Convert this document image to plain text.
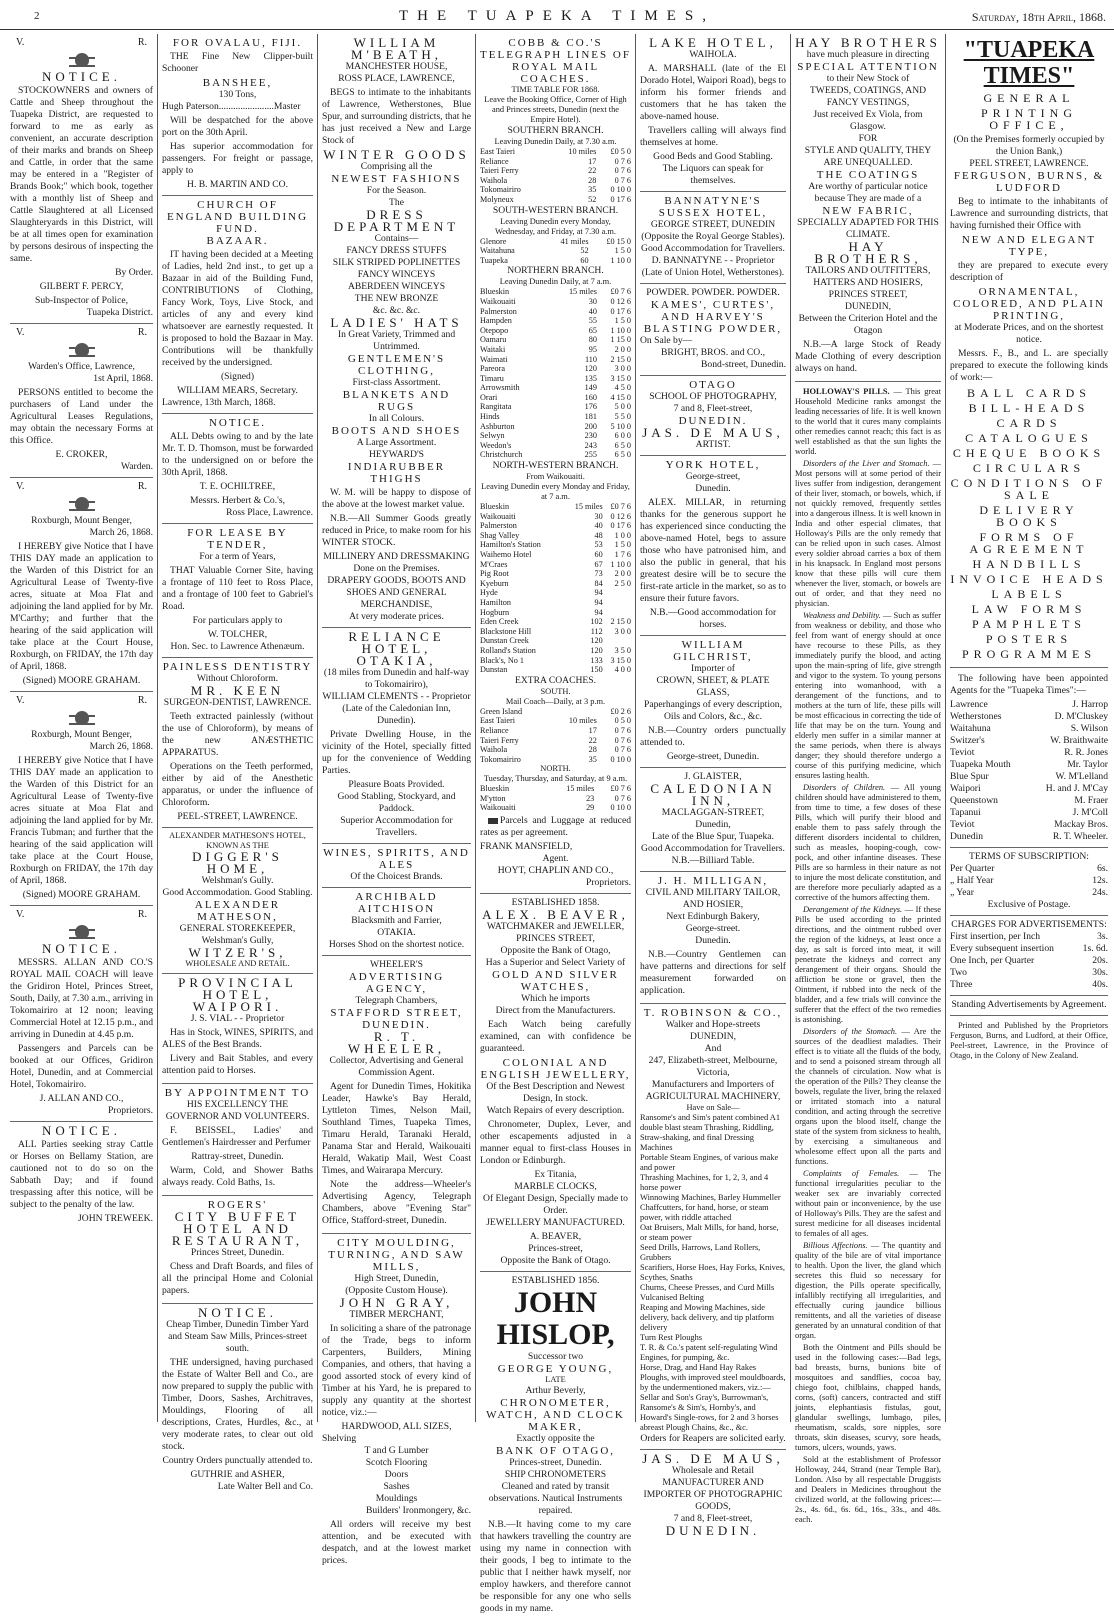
2	THE TUAPEKA TIMES,	Saturday, 18th April, 1868.
V.	R.
NOTICE.
STOCKOWNERS and owners of Cattle and Sheep throughout the Tuapeka District, are requested to forward to me as early as convenient, an accurate description of their marks and brands on Sheep and Cattle, in order that the same may be entered in a "Register of Brands Book;" which book, together with a monthly list of Sheep and Cattle Slaughtered at all Licensed Slaughteryards in this District, will be at all times open for examination by persons desirous of inspecting the same.
By Order.
GILBERT F. PERCY,
Sub-Inspector of Police,
Tuapeka District.
V.	R.
Warden's Office, Lawrence,
1st April, 1868.
PERSONS entitled to become the purchasers of Land under the Agricultural Leases Regulations, may obtain the necessary Forms at this Office.
E. CROKER,
Warden.
V.	R.
Roxburgh, Mount Benger,
March 26, 1868.
I HEREBY give Notice that I have THIS DAY made an application to the Warden of this District for an Agricultural Lease of Twenty-five acres, situate at Moa Flat and adjoining the land applied for by Mr. M'Carthy; and further that the hearing of the said application will take place at the Court House, Roxburgh, on FRIDAY, the 17th day of April, 1868.
(Signed) MOORE GRAHAM.
V.	R.
Roxburgh, Mount Benger,
March 26, 1868.
I HEREBY give Notice that I have THIS DAY made an application to the Warden of this District for an Agricultural Lease of Twenty-five acres situate at Moa Flat and adjoining the land applied for by Mr. Francis Tubman; and further that the hearing of the said application will take place at the Court House, Roxburgh on FRIDAY, the 17th day of April, 1868.
(Signed) MOORE GRAHAM.
V.	R.
NOTICE.
MESSRS. ALLAN AND CO.'S ROYAL MAIL COACH will leave the Gridiron Hotel, Princes Street, South, Daily, at 7.30 a.m., arriving in Tokomairiro at 12 noon; leaving Commercial Hotel at 12.15 p.m., and arriving in Dunedin at 4.45 p.m.
Passengers and Parcels can be booked at our Offices, Gridiron Hotel, Dunedin, and at Commercial Hotel, Tokomairiro.
J. ALLAN AND CO.,
Proprietors.
NOTICE.
ALL Parties seeking stray Cattle or Horses on Bellamy Station, are cautioned not to do so on the Sabbath Day; and if found trespassing after this notice, will be subject to the penalty of the law.
JOHN TREWEEK.
FOR OVALAU, FIJI.
THE Fine New Clipper-built Schooner
BANSHEE,
130 Tons,
Hugh Paterson.......................Master
Will be despatched for the above port on the 30th April.
Has superior accommodation for passengers. For freight or passage, apply to
H. B. MARTIN AND CO.
CHURCH OF ENGLAND BUILDING FUND.
BAZAAR.
IT having been decided at a Meeting of Ladies, held 2nd inst., to get up a Bazaar in aid of the Building Fund, CONTRIBUTIONS of Clothing, Fancy Work, Toys, Live Stock, and articles of any and every kind whatsoever are earnestly requested. It is proposed to hold the Bazaar in May. Contributions will be thankfully received by the undersigned.
(Signed)
WILLIAM MEARS, Secretary.
Lawrence, 13th March, 1868.
NOTICE.
ALL Debts owing to and by the late Mr. T. D. Thomson, must be forwarded to the undersigned on or before the 30th April, 1868.
T. E. OCHILTREE,
Messrs. Herbert & Co.'s,
Ross Place, Lawrence.
FOR LEASE BY TENDER,
For a term of Years,
THAT Valuable Corner Site, having a frontage of 110 feet to Ross Place, and a frontage of 100 feet to Gabriel's Road.
For particulars apply to
W. TOLCHER,
Hon. Sec. to Lawrence Athenæum.
PAINLESS DENTISTRY
Without Chloroform.
MR. KEEN
SURGEON-DENTIST, LAWRENCE.
Teeth extracted painlessly (without the use of Chloroform), by means of the new ANÆSTHETIC APPARATUS.
Operations on the Teeth performed, either by aid of the Anesthetic apparatus, or under the influence of Chloroform.
PEEL-STREET, LAWRENCE.
ALEXANDER MATHESON'S HOTEL,
KNOWN AS THE
DIGGER'S HOME,
Welshman's Gully.
Good Accommodation. Good Stabling.
ALEXANDER MATHESON,
GENERAL STOREKEEPER,
Welshman's Gully,
WITZER'S,
WHOLESALE AND RETAIL.
PROVINCIAL HOTEL, WAIPORI.
J. S. VIAL - - Proprietor
Has in Stock, WINES, SPIRITS, and ALES of the Best Brands.
Livery and Bait Stables, and every attention paid to Horses.
BY APPOINTMENT TO
HIS EXCELLENCY THE GOVERNOR AND VOLUNTEERS.
F. BEISSEL, Ladies' and Gentlemen's Hairdresser and Perfumer
Rattray-street, Dunedin.
Warm, Cold, and Shower Baths always ready. Cold Baths, 1s.
ROGERS'
CITY BUFFET HOTEL AND RESTAURANT,
Princes Street, Dunedin.
Chess and Draft Boards, and files of all the principal Home and Colonial papers.
NOTICE.
Cheap Timber, Dunedin Timber Yard and Steam Saw Mills, Princes-street south.
THE undersigned, having purchased the Estate of Walter Bell and Co., are now prepared to supply the public with Timber, Doors, Sashes, Architraves, Mouldings, Flooring of all descriptions, Crates, Hurdles, &c., at very moderate rates, to clear out old stock.
Country Orders punctually attended to.
GUTHRIE and ASHER,
Late Walter Bell and Co.
WILLIAM M'BEATH,
MANCHESTER HOUSE,
ROSS PLACE, LAWRENCE,
BEGS to intimate to the inhabitants of Lawrence, Wetherstones, Blue Spur, and surrounding districts, that he has just received a New and Large Stock of
WINTER GOODS
Comprising all the
NEWEST FASHIONS
For the Season.
The
DRESS DEPARTMENT
Contains—
FANCY DRESS STUFFS
SILK STRIPED POPLINETTES
FANCY WINCEYS
ABERDEEN WINCEYS
THE NEW BRONZE
&c. &c. &c.
LADIES' HATS
In Great Variety, Trimmed and Untrimmed.
GENTLEMEN'S CLOTHING,
First-class Assortment.
BLANKETS AND RUGS
In all Colours.
BOOTS AND SHOES
A Large Assortment.
HEYWARD'S
INDIARUBBER THIGHS
W. M. will be happy to dispose of the above at the lowest market value.
N.B.—All Summer Goods greatly reduced in Price, to make room for his WINTER STOCK.
MILLINERY AND DRESSMAKING
Done on the Premises.
DRAPERY GOODS, BOOTS AND SHOES AND GENERAL MERCHANDISE,
At very moderate prices.
RELIANCE HOTEL, OTAKIA,
(18 miles from Dunedin and half-way to Tokomairiro),
WILLIAM CLEMENTS - - Proprietor
(Late of the Caledonian Inn, Dunedin).
Private Dwelling House, in the vicinity of the Hotel, specially fitted up for the convenience of Wedding Parties.
Pleasure Boats Provided.
Good Stabling, Stockyard, and Paddock.
Superior Accommodation for Travellers.
WINES, SPIRITS, AND ALES
Of the Choicest Brands.
ARCHIBALD AITCHISON
Blacksmith and Farrier,
OTAKIA.
Horses Shod on the shortest notice.
WHEELER'S
ADVERTISING AGENCY,
Telegraph Chambers,
STAFFORD STREET, DUNEDIN.
R. T. WHEELER,
Collector, Advertising and General Commission Agent.
Agent for Dunedin Times, Hokitika Leader, Hawke's Bay Herald, Lyttleton Times, Nelson Mail, Southland Times, Tuapeka Times, Timaru Herald, Taranaki Herald, Panama Star and Herald, Waikouaiti Herald, Wakatip Mail, West Coast Times, and Wairarapa Mercury.
Note the address—Wheeler's Advertising Agency, Telegraph Chambers, above "Evening Star" Office, Stafford-street, Dunedin.
CITY MOULDING, TURNING, AND SAW MILLS,
High Street, Dunedin,
(Opposite Custom House).
JOHN GRAY,
TIMBER MERCHANT,
In soliciting a share of the patronage of the Trade, begs to inform Carpenters, Builders, Mining Companies, and others, that having a good assorted stock of every kind of Timber at his Yard, he is prepared to supply any quantity at the shortest notice, viz.:—
HARDWOOD, ALL SIZES,
Shelving
T and G Lumber
Scotch Flooring
Doors
Sashes
Mouldings
Builders' Ironmongery, &c.
All orders will receive my best attention, and be executed with despatch, and at the lowest market prices.
COBB & CO.'S TELEGRAPH LINES OF ROYAL MAIL COACHES.
TIME TABLE FOR 1868.
Leave the Booking Office, Corner of High and Princes streets, Dunedin (next the Empire Hotel).
SOUTHERN BRANCH.
Leaving Dunedin Daily, at 7.30 a.m.
East Taieri	10 miles	£0 5 0
Reliance	17	0 7 6
Taieri Ferry	22	0 7 6
Waihola	28	0 7 6
Tokomairiro	35	0 10 0
Molyneux	52	0 17 6
SOUTH-WESTERN BRANCH.
Leaving Dunedin every Monday, Wednesday, and Friday, at 7.30 a.m.
Glenore	41 miles	£0 15 0
Waitahuna	52	1 5 0
Tuapeka	60	1 10 0
NORTHERN BRANCH.
Leaving Dunedin Daily, at 7 a.m.
Blueskin	15 miles	£0 7 6
Waikouaiti	30	0 12 6
Palmerston	40	0 17 6
Hampden	55	1 5 0
Otepopo	65	1 10 0
Oamaru	80	1 15 0
Waitaki	95	2 0 0
Waimati	110	2 15 0
Pareora	120	3 0 0
Timaru	135	3 15 0
Arrowsmith	149	4 5 0
Orari	160	4 15 0
Rangitata	176	5 0 0
Hinds	181	5 5 0
Ashburton	200	5 10 0
Selwyn	230	6 0 0
Weedon's	243	6 5 0
Christchurch	255	6 5 0
NORTH-WESTERN BRANCH.
From Waikouaiti.
Leaving Dunedin every Monday and Friday, at 7 a.m.
Blueskin	15 miles	£0 7 6
Waikouaiti	30	0 12 6
Palmerston	40	0 17 6
Shag Valley	48	1 0 0
Hamilton's Station	53	1 5 0
Waihemo Hotel	60	1 7 6
M'Craes	67	1 10 0
Pig Root	73	2 0 0
Kyeburn	84	2 5 0
Hyde	94	
Hamilton	94	
Hogburn	94	
Eden Creek	102	2 15 0
Blackstone Hill	112	3 0 0
Dunstan Creek	120	
Rolland's Station	120	3 5 0
Black's, No 1	133	3 15 0
Dunstan	150	4 0 0
EXTRA COACHES.
SOUTH.
Mail Coach—Daily, at 3 p.m.
Green Island		£0 2 6
East Taieri	10 miles	0 5 0
Reliance	17	0 7 6
Taieri Ferry	22	0 7 6
Waihola	28	0 7 6
Tokomairiro	35	0 10 0
NORTH.
Tuesday, Thursday, and Saturday, at 9 a.m.
Blueskin	15 miles	£0 7 6
M'ytton	23	0 7 6
Waikouaiti	29	0 10 0
Parcels and Luggage at reduced rates as per agreement.
FRANK MANSFIELD,
Agent.
HOYT, CHAPLIN AND CO.,
Proprietors.
ESTABLISHED 1858.
ALEX. BEAVER,
WATCHMAKER and JEWELLER,
PRINCES STREET,
Opposite the Bank of Otago,
Has a Superior and Select Variety of
GOLD AND SILVER WATCHES,
Which he imports
Direct from the Manufacturers.
Each Watch being carefully examined, can with confidence be guaranteed.
COLONIAL AND ENGLISH JEWELLERY,
Of the Best Description and Newest Design, In stock.
Watch Repairs of every description.
Chronometer, Duplex, Lever, and other escapements adjusted in a manner equal to first-class Houses in London or Edinburgh.
Ex Titania,
MARBLE CLOCKS,
Of Elegant Design, Specially made to Order.
JEWELLERY MANUFACTURED.
A. BEAVER,
Princes-street,
Opposite the Bank of Otago.
ESTABLISHED 1856.
JOHN HISLOP,
Successor two
GEORGE YOUNG,
LATE
Arthur Beverly,
CHRONOMETER, WATCH, AND CLOCK MAKER,
Exactly opposite the
BANK OF OTAGO,
Princes-street, Dunedin.
SHIP CHRONOMETERS
Cleaned and rated by transit observations. Nautical Instruments repaired.
N.B.—It having come to my care that hawkers travelling the country are using my name in connection with their goods, I beg to intimate to the public that I neither hawk myself, nor employ hawkers, and therefore cannot be responsible for any one who sells goods in my name.
LAKE HOTEL,
WAIHOLA.
A. MARSHALL (late of the El Dorado Hotel, Waipori Road), begs to inform his former friends and customers that he has taken the above-named house.
Travellers calling will always find themselves at home.
Good Beds and Good Stabling.
The Liquors can speak for themselves.
BANNATYNE'S SUSSEX HOTEL,
GEORGE STREET, DUNEDIN
(Opposite the Royal George Stables).
Good Accommodation for Travellers.
D. BANNATYNE - - Proprietor
(Late of Union Hotel, Wetherstones).
POWDER. POWDER. POWDER.
KAMES', CURTES', AND HARVEY'S BLASTING POWDER,
On Sale by—
BRIGHT, BROS. and CO.,
Bond-street, Dunedin.
OTAGO
SCHOOL OF PHOTOGRAPHY,
7 and 8, Fleet-street,
DUNEDIN.
JAS. DE MAUS,
ARTIST.
YORK HOTEL,
George-street,
Dunedin.
ALEX. MILLAR, in returning thanks for the generous support he has experienced since conducting the above-named Hotel, begs to assure those who have patronised him, and also the public in general, that his greatest desire will be to secure the first-rate article in the market, so as to ensure their future favors.
N.B.—Good accommodation for horses.
WILLIAM GILCHRIST,
Importer of
CROWN, SHEET, & PLATE GLASS,
Paperhangings of every description, Oils and Colors, &c., &c.
N.B.—Country orders punctually attended to.
George-street, Dunedin.
J. GLAISTER,
CALEDONIAN INN,
MACLAGGAN-STREET,
Dunedin,
Late of the Blue Spur, Tuapeka.
Good Accommodation for Travellers.
N.B.—Billiard Table.
J. H. MILLIGAN,
CIVIL AND MILITARY TAILOR, AND HOSIER,
Next Edinburgh Bakery,
George-street.
Dunedin.
N.B.—Country Gentlemen can have patterns and directions for self measurement forwarded on application.
T. ROBINSON & CO.,
Walker and Hope-streets
DUNEDIN,
And
247, Elizabeth-street, Melbourne, Victoria,
Manufacturers and Importers of
AGRICULTURAL MACHINERY,
Have on Sale—
Ransome's and Sim's patent combined A1 double blast steam Thrashing, Riddling, Straw-shaking, and final Dressing Machines
Portable Steam Engines, of various make and power
Thrashing Machines, for 1, 2, 3, and 4 horse power
Winnowing Machines, Barley Hummeller
Chaffcutters, for hand, horse, or steam power, with riddle attached
Oat Bruisers, Malt Mills, for hand, horse, or steam power
Seed Drills, Harrows, Land Rollers, Grubbers
Scarifiers, Horse Hoes, Hay Forks, Knives, Scythes, Snaths
Churns, Cheese Presses, and Curd Mills
Vulcanised Belting
Reaping and Mowing Machines, side delivery, back delivery, and tip platform delivery
Turn Rest Ploughs
T. R. & Co.'s patent self-regulating Wind Engines, for pumping, &c.
Horse, Drag, and Hand Hay Rakes
Ploughs, with improved steel mouldboards, by the undermentioned makers, viz.:—Sellar and Son's Gray's, Burrowman's, Ransome's & Sim's, Hornby's, and Howard's Single-rows, for 2 and 3 horses abreast Plough Chains, &c., &c.
Orders for Reapers are solicited early.
JAS. DE MAUS,
Wholesale and Retail
MANUFACTURER AND IMPORTER OF PHOTOGRAPHIC GOODS,
7 and 8, Fleet-street,
DUNEDIN.
HAY BROTHERS
have much pleasure in directing
SPECIAL ATTENTION
to their New Stock of
TWEEDS, COATINGS, AND FANCY VESTINGS,
Just received Ex Viola, from Glasgow.
FOR
STYLE AND QUALITY, THEY ARE UNEQUALLED.
THE COATINGS
Are worthy of particular notice because They are made of a
NEW FABRIC,
SPECIALLY ADAPTED FOR THIS CLIMATE.
HAY BROTHERS,
TAILORS AND OUTFITTERS, HATTERS AND HOSIERS,
PRINCES STREET,
DUNEDIN,
Between the Criterion Hotel and the Otagon
N.B.—A large Stock of Ready Made Clothing of every description always on hand.
HOLLOWAY'S PILLS. — This great Household Medicine ranks amongst the leading necessaries of life. It is well known to the world that it cures many complaints other remedies cannot reach; this fact is as well established as that the sun lights the world.
Disorders of the Liver and Stomach. — Most persons will at some period of their lives suffer from indigestion, derangement of their liver, stomach, or bowels, which, if not quickly removed, frequently settles into a dangerous illness. It is well known in India and other especial climates, that Holloway's Pills are the only remedy that can be relied upon in such cases. Almost every soldier abroad carries a box of them in his knapsack. In England most persons know that these pills will cure them whenever the liver, stomach, or bowels are out of order, and that they need no physician.
Weakness and Debility. — Such as suffer from weakness or debility, and those who feel from want of energy should at once have recourse to these Pills, as they immediately purify the blood, and acting upon the main-spring of life, give strength and vigor to the system. To young persons entering into womanhood, with a derangement of the functions, and to mothers at the turn of life, these pills will be most efficacious in correcting the tide of life that may be on the turn. Young and elderly men suffer in a similar manner at the same periods, when there is always danger; they should therefore undergo a course of this purifying medicine, which ensures lasting health.
Disorders of Children. — All young children should have administered to them, from time to time, a few doses of these Pills, which will purify their blood and enable them to pass safely through the different disorders incidental to children, such as measles, hooping-cough, cow-pock, and other infantine diseases. These Pills are so harmless in their nature as not to injure the most delicate constitution, and are therefore more peculiarly adapted as a corrective of the humors affecting them.
Derangement of the Kidneys. — If these Pills be used according to the printed directions, and the ointment rubbed over the region of the kidneys, at least once a day, as salt is forced into meat, it will penetrate the kidneys and correct any derangement of their organs. Should the affliction be stone or gravel, then the Ointment, if rubbed into the neck of the bladder, and a few trials will convince the sufferer that the effect of the two remedies is astonishing.
Disorders of the Stomach. — Are the sources of the deadliest maladies. Their effect is to vitiate all the fluids of the body, and to send a poisoned stream through all the channels of circulation. Now what is the operation of the Pills? They cleanse the bowels, regulate the liver, bring the relaxed or irritated stomach into a natural condition, and acting through the secretive organs upon the blood itself, change the state of the system from sickness to health, by exercising a simultaneous and wholesome effect upon all the parts and functions.
Complaints of Females. — The functional irregularities peculiar to the weaker sex are invariably corrected without pain or inconvenience, by the use of Holloway's Pills. They are the safest and surest medicine for all diseases incidental to females of all ages.
Billious Affections. — The quantity and quality of the bile are of vital importance to health. Upon the liver, the gland which secretes this fluid so necessary for digestion, the Pills operate specifically, infallibly rectifying all irregularities, and effectually curing jaundice billious remittents, and all the varieties of disease generated by an unnatural condition of that organ.
Both the Ointment and Pills should be used in the following cases:—Bad legs, bad breasts, burns, bunions bite of mosquitoes and sandflies, cocoa bay, chiego foot, chilblains, chapped hands, corns, (soft) cancers, contracted and stiff joints, elephantiasis fistulas, gout, glandular swellings, lumbago, piles, rheumatism, scalds, sore nipples, sore throats, skin diseases, scurvy, sore heads, tumors, ulcers, wounds, yaws.
Sold at the establishment of Professor Holloway, 244, Strand (near Temple Bar), London. Also by all respectable Druggists and Dealers in Medicines throughout the civilized world, at the following prices:—2s., 4s. 6d., 6s. 6d., 16s., 33s., and 48s. each.
"TUAPEKA TIMES"
GENERAL
PRINTING OFFICE,
(On the Premises formerly occupied by the Union Bank,)
PEEL STREET, LAWRENCE.
FERGUSON, BURNS, & LUDFORD
Beg to intimate to the inhabitants of Lawrence and surrounding districts, that having furnished their Office with
NEW AND ELEGANT TYPE,
they are prepared to execute every description of
ORNAMENTAL, COLORED, AND PLAIN PRINTING,
at Moderate Prices, and on the shortest notice.
Messrs. F., B., and L. are specially prepared to execute the following kinds of work:—
BALL CARDS
BILL-HEADS
CARDS
CATALOGUES
CHEQUE BOOKS
CIRCULARS
CONDITIONS OF SALE
DELIVERY BOOKS
FORMS OF AGREEMENT
HANDBILLS
INVOICE HEADS
LABELS
LAW FORMS
PAMPHLETS
POSTERS
PROGRAMMES
The following have been appointed Agents for the "Tuapeka Times":—
Lawrence	J. Harrop
Wetherstones	D. M'Cluskey
Waitahuna	S. Wilson
Switzer's	W. Braithwaite
Teviot	R. R. Jones
Tuapeka Mouth	Mr. Taylor
Blue Spur	W. M'Lelland
Waipori	H. and J. M'Cay
Queenstown	M. Fraer
Tapanui	J. M'Coll
Teviot	Mackay Bros.
Dunedin	R. T. Wheeler.
TERMS OF SUBSCRIPTION:
Per Quarter	6s.
„ Half Year	12s.
„ Year	24s.
Exclusive of Postage.
CHARGES FOR ADVERTISEMENTS:
First insertion, per Inch	3s.
Every subsequent insertion	1s. 6d.
One Inch, per Quarter	20s.
Two	30s.
Three	40s.
Standing Advertisements by Agreement.
Printed and Published by the Proprietors Ferguson, Burns, and Ludford, at their Office, Peel-street, Lawrence, in the Province of Otago, in the Colony of New Zealand.
